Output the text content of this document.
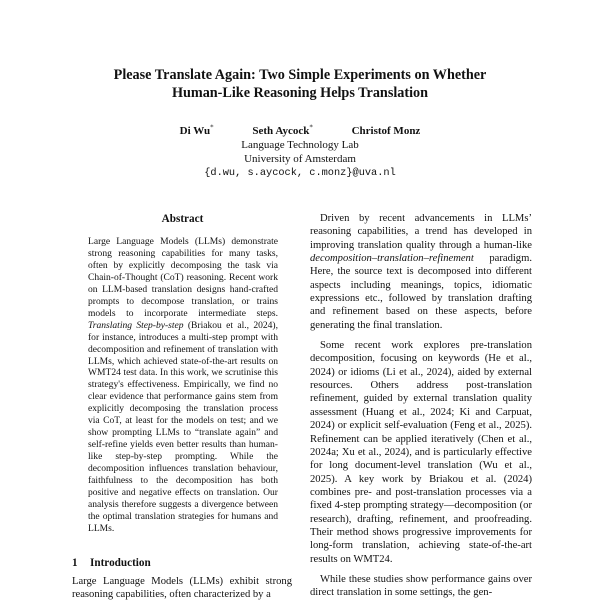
Please Translate Again: Two Simple Experiments on Whether
Human-Like Reasoning Helps Translation
Di Wu*	Seth Aycock*	Christof Monz
Language Technology Lab
University of Amsterdam
{d.wu, s.aycock, c.monz}@uva.nl
Abstract
Large Language Models (LLMs) demonstrate strong reasoning capabilities for many tasks, often by explicitly decomposing the task via Chain-of-Thought (CoT) reasoning. Recent work on LLM-based translation designs hand-crafted prompts to decompose translation, or trains models to incorporate intermediate steps. Translating Step-by-step (Briakou et al., 2024), for instance, introduces a multi-step prompt with decomposition and refinement of translation with LLMs, which achieved state-of-the-art results on WMT24 test data. In this work, we scrutinise this strategy's effectiveness. Empirically, we find no clear evidence that performance gains stem from explicitly decomposing the translation process via CoT, at least for the models on test; and we show prompting LLMs to “translate again” and self-refine yields even better results than human-like step-by-step prompting. While the decomposition influences translation behaviour, faithfulness to the decomposition has both positive and negative effects on translation. Our analysis therefore suggests a divergence between the optimal translation strategies for humans and LLMs.
1 Introduction

Large Language Models (LLMs) exhibit strong reasoning capabilities, often characterized by a

Driven by recent advancements in LLMs’ reasoning capabilities, a trend has developed in improving translation quality through a human-like decomposition–translation–refinement paradigm. Here, the source text is decomposed into different aspects including meanings, topics, idiomatic expressions etc., followed by translation drafting and refinement based on these aspects, before generating the final translation.

Some recent work explores pre-translation decomposition, focusing on keywords (He et al., 2024) or idioms (Li et al., 2024), aided by external resources. Others address post-translation refinement, guided by external translation quality assessment (Huang et al., 2024; Ki and Carpuat, 2024) or explicit self-evaluation (Feng et al., 2025). Refinement can be applied iteratively (Chen et al., 2024a; Xu et al., 2024), and is particularly effective for long document-level translation (Wu et al., 2025). A key work by Briakou et al. (2024) combines pre- and post-translation processes via a fixed 4-step prompting strategy—decomposition (or research), drafting, refinement, and proofreading. Their method shows progressive improvements for long-form translation, achieving state-of-the-art results on WMT24.

While these studies show performance gains over direct translation in some settings, the gen-
